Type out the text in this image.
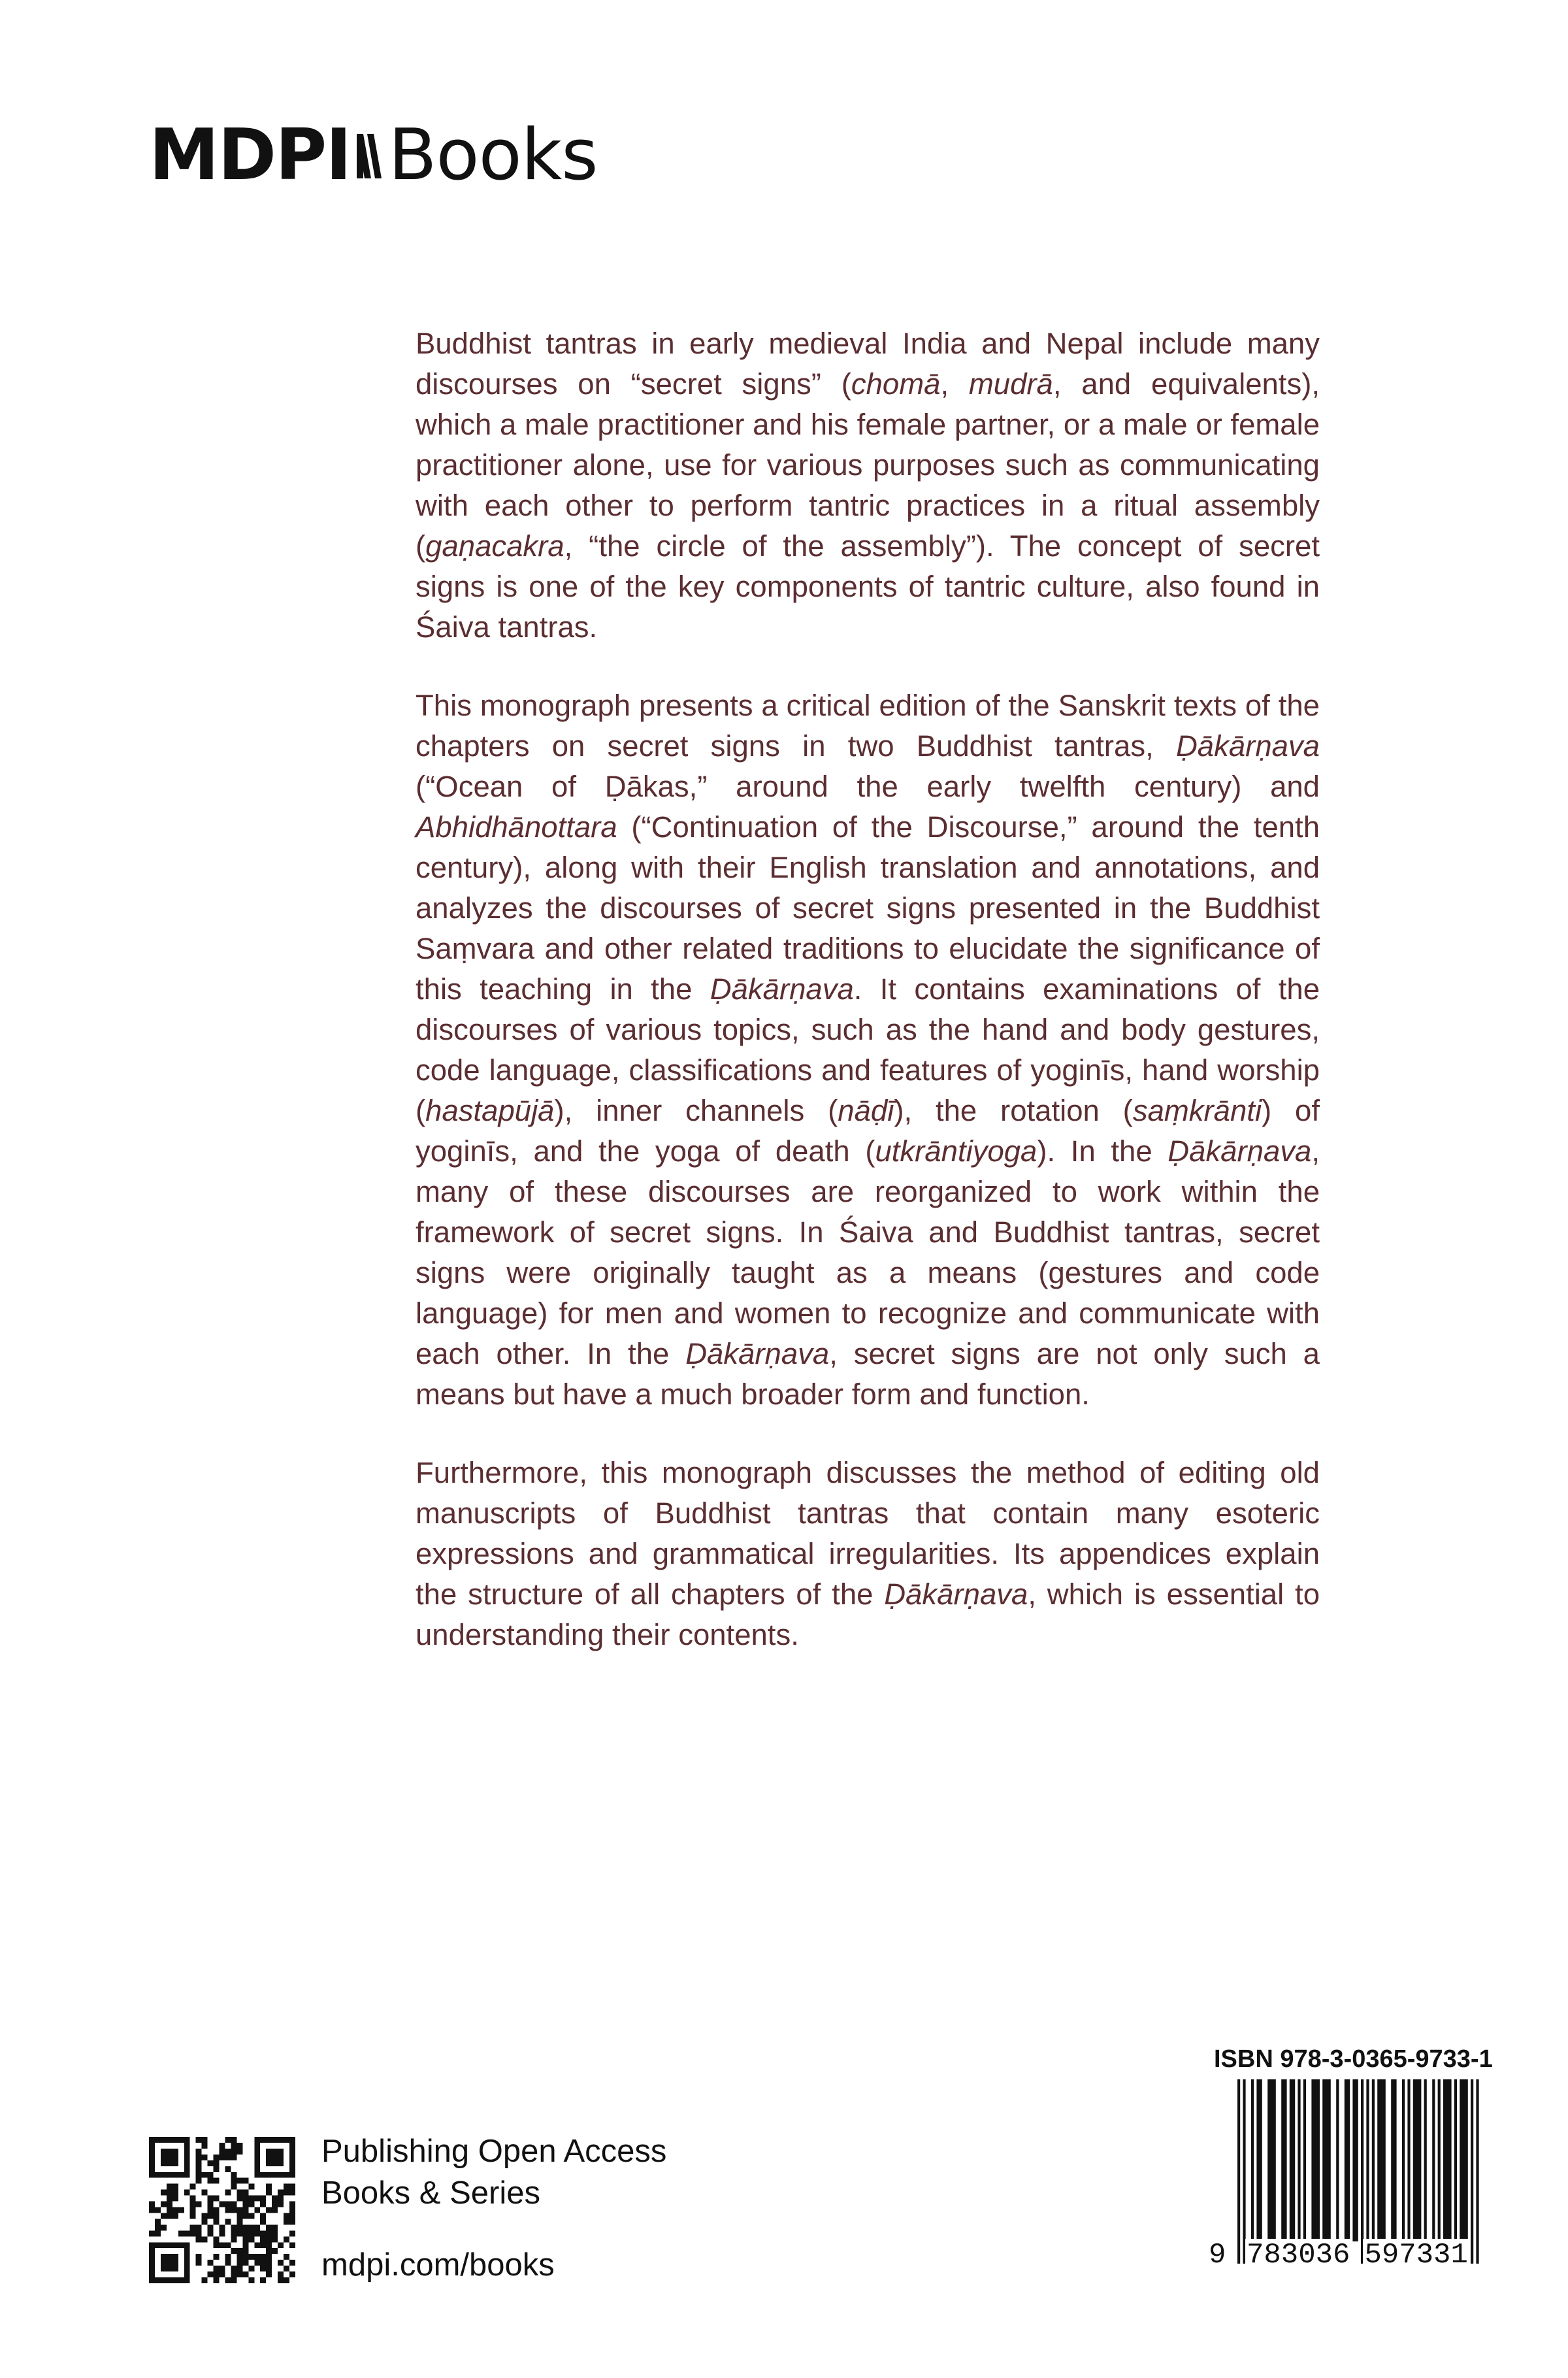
MDPI Books

Buddhist tantras in early medieval India and Nepal include many discourses on “secret signs” (chomā, mudrā, and equivalents), which a male practitioner and his female partner, or a male or female practitioner alone, use for various purposes such as communicating with each other to perform tantric practices in a ritual assembly (gaṇacakra, “the circle of the assembly”). The concept of secret signs is one of the key components of tantric culture, also found in Śaiva tantras.

This monograph presents a critical edition of the Sanskrit texts of the chapters on secret signs in two Buddhist tantras, Ḍākārṇava (“Ocean of Ḍākas,” around the early twelfth century) and Abhidhānottara (“Continuation of the Discourse,” around the tenth century), along with their English translation and annotations, and analyzes the discourses of secret signs presented in the Buddhist Saṃvara and other related traditions to elucidate the significance of this teaching in the Ḍākārṇava. It contains examinations of the discourses of various topics, such as the hand and body gestures, code language, classifications and features of yoginīs, hand worship (hastapūjā), inner channels (nāḍī), the rotation (saṃkrānti) of yoginīs, and the yoga of death (utkrāntiyoga). In the Ḍākārṇava, many of these discourses are reorganized to work within the framework of secret signs. In Śaiva and Buddhist tantras, secret signs were originally taught as a means (gestures and code language) for men and women to recognize and communicate with each other. In the Ḍākārṇava, secret signs are not only such a means but have a much broader form and function.

Furthermore, this monograph discusses the method of editing old manuscripts of Buddhist tantras that contain many esoteric expressions and grammatical irregularities. Its appendices explain the structure of all chapters of the Ḍākārṇava, which is essential to understanding their contents.

ISBN 978-3-0365-9733-1
9 783036 597331
Publishing Open Access
Books & Series
mdpi.com/books
